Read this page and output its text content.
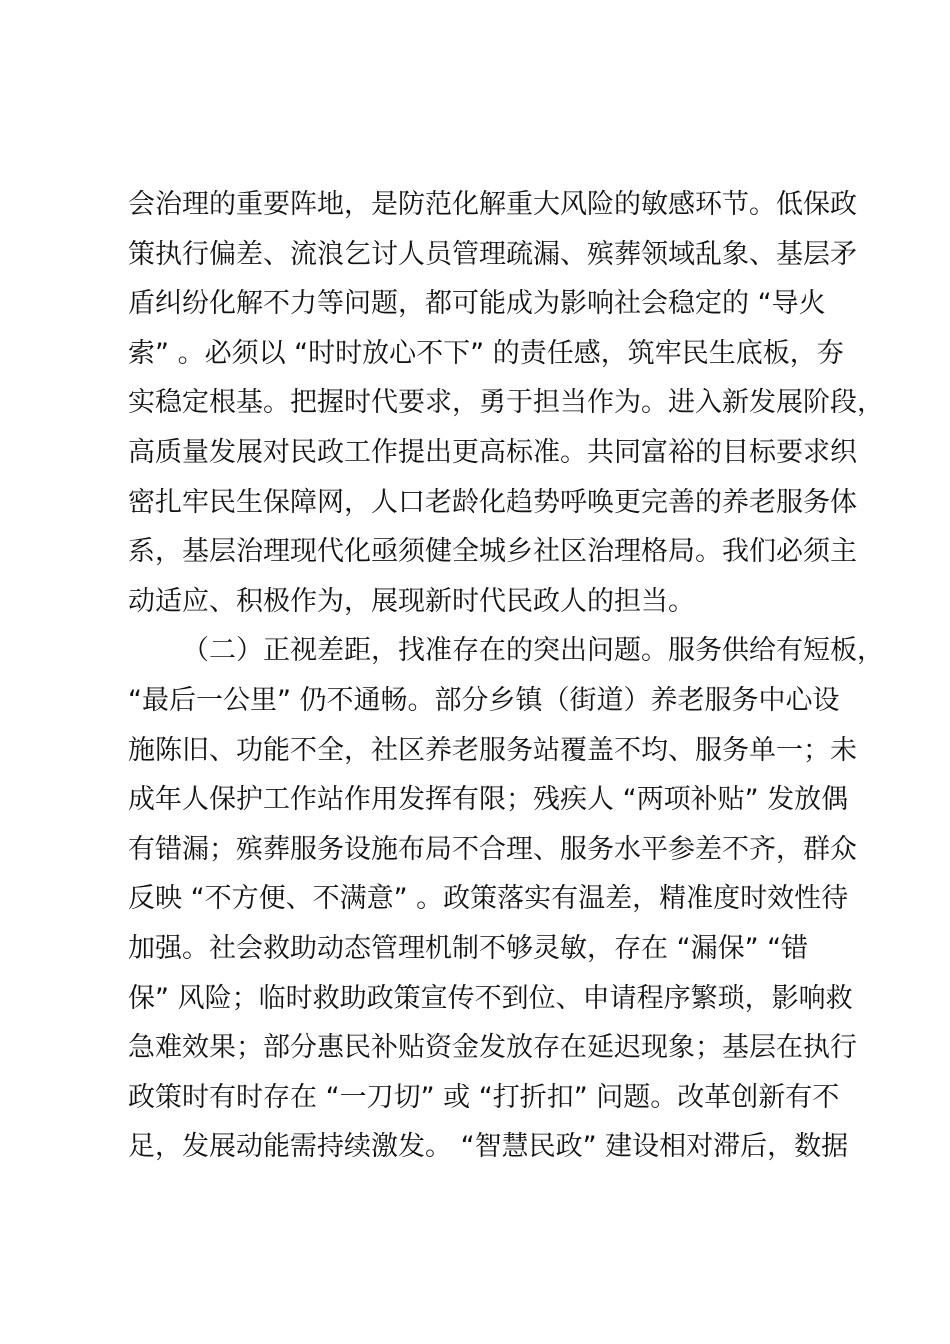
会治理的重要阵地，是防范化解重大风险的敏感环节。低保政
策执行偏差、流浪乞讨人员管理疏漏、殡葬领域乱象、基层矛
盾纠纷化解不力等问题，都可能成为影响社会稳定的 “导火
索” 。必须以 “时时放心不下” 的责任感，筑牢民生底板，夯
实稳定根基。把握时代要求，勇于担当作为。进入新发展阶段，
高质量发展对民政工作提出更高标准。共同富裕的目标要求织
密扎牢民生保障网，人口老龄化趋势呼唤更完善的养老服务体
系，基层治理现代化亟须健全城乡社区治理格局。我们必须主
动适应、积极作为，展现新时代民政人的担当。
（二）正视差距，找准存在的突出问题。服务供给有短板，
“最后一公里” 仍不通畅。部分乡镇（街道）养老服务中心设
施陈旧、功能不全，社区养老服务站覆盖不均、服务单一；未
成年人保护工作站作用发挥有限；残疾人 “两项补贴” 发放偶
有错漏；殡葬服务设施布局不合理、服务水平参差不齐，群众
反映 “不方便、不满意” 。政策落实有温差，精准度时效性待
加强。社会救助动态管理机制不够灵敏，存在 “漏保” “错
保” 风险；临时救助政策宣传不到位、申请程序繁琐，影响救
急难效果；部分惠民补贴资金发放存在延迟现象；基层在执行
政策时有时存在 “一刀切” 或 “打折扣” 问题。改革创新有不
足，发展动能需持续激发。 “智慧民政” 建设相对滞后，数据
